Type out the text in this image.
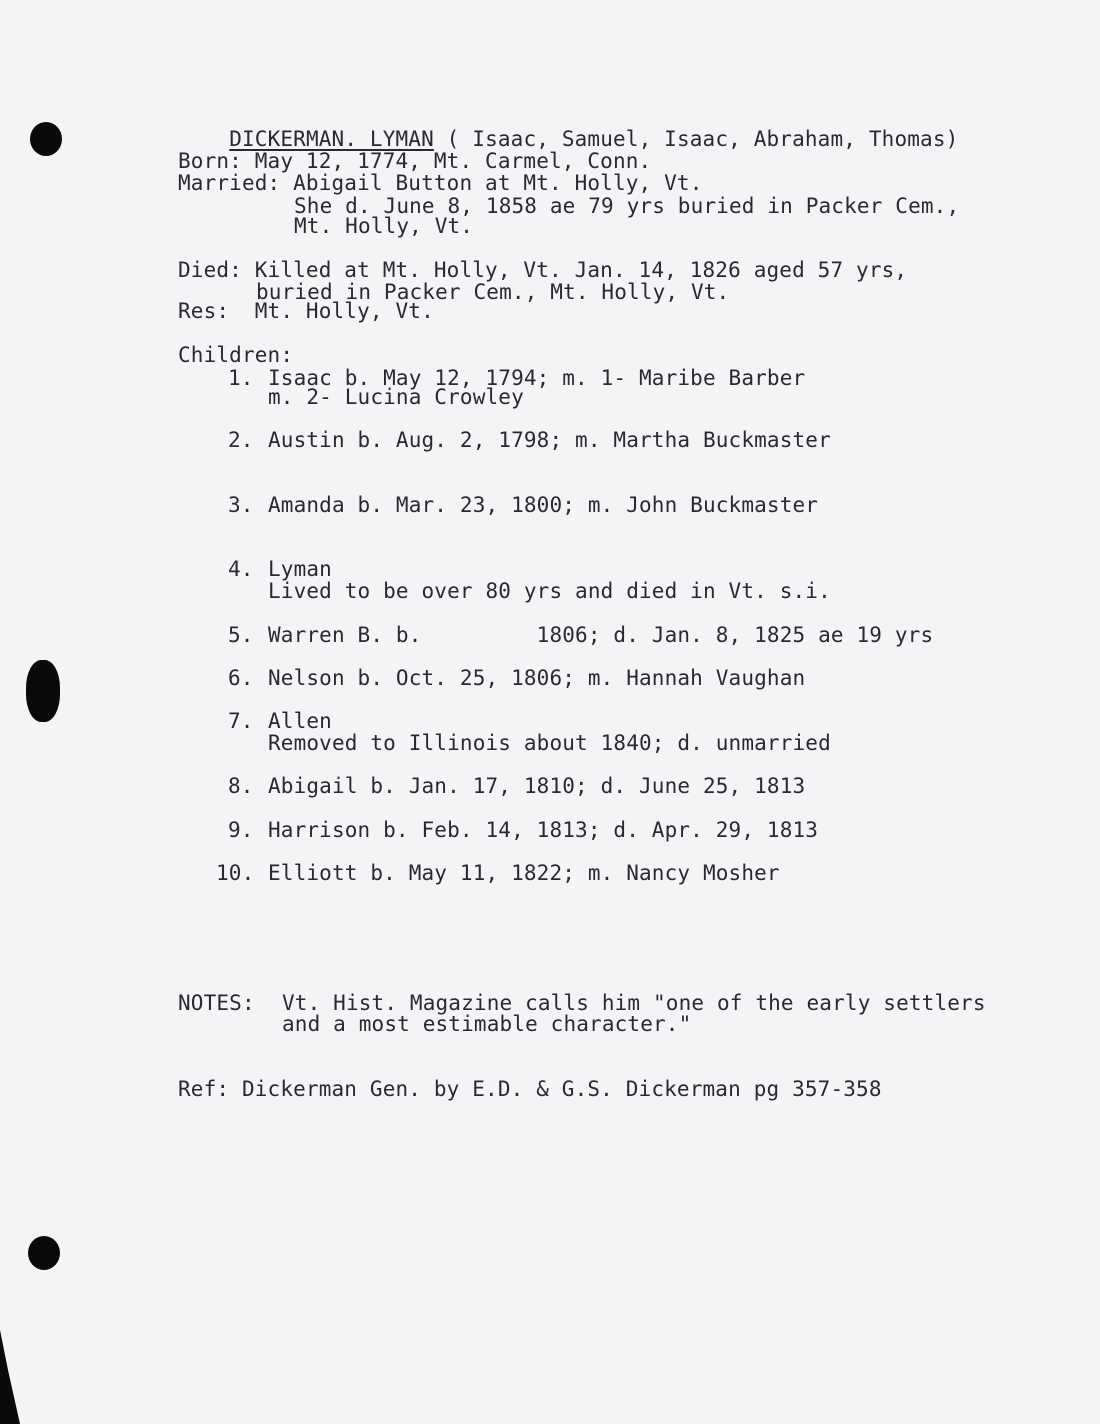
DICKERMAN. LYMAN ( Isaac, Samuel, Isaac, Abraham, Thomas)

Born: May 12, 1774, Mt. Carmel, Conn.
Married: Abigail Button at Mt. Holly, Vt.
She d. June 8, 1858 ae 79 yrs buried in Packer Cem.,
Mt. Holly, Vt.
Died: Killed at Mt. Holly, Vt. Jan. 14, 1826 aged 57 yrs,
buried in Packer Cem., Mt. Holly, Vt.
Res:  Mt. Holly, Vt.
Children:
1. Isaac b. May 12, 1794; m. 1- Maribe Barber
m. 2- Lucina Crowley
2. Austin b. Aug. 2, 1798; m. Martha Buckmaster
3. Amanda b. Mar. 23, 1800; m. John Buckmaster
4. Lyman
Lived to be over 80 yrs and died in Vt. s.i.
5. Warren B. b.         1806; d. Jan. 8, 1825 ae 19 yrs
6. Nelson b. Oct. 25, 1806; m. Hannah Vaughan
7. Allen
Removed to Illinois about 1840; d. unmarried
8. Abigail b. Jan. 17, 1810; d. June 25, 1813
9. Harrison b. Feb. 14, 1813; d. Apr. 29, 1813
10. Elliott b. May 11, 1822; m. Nancy Mosher
NOTES: Vt. Hist. Magazine calls him "one of the early settlers
and a most estimable character."
Ref: Dickerman Gen. by E.D. & G.S. Dickerman pg 357-358
